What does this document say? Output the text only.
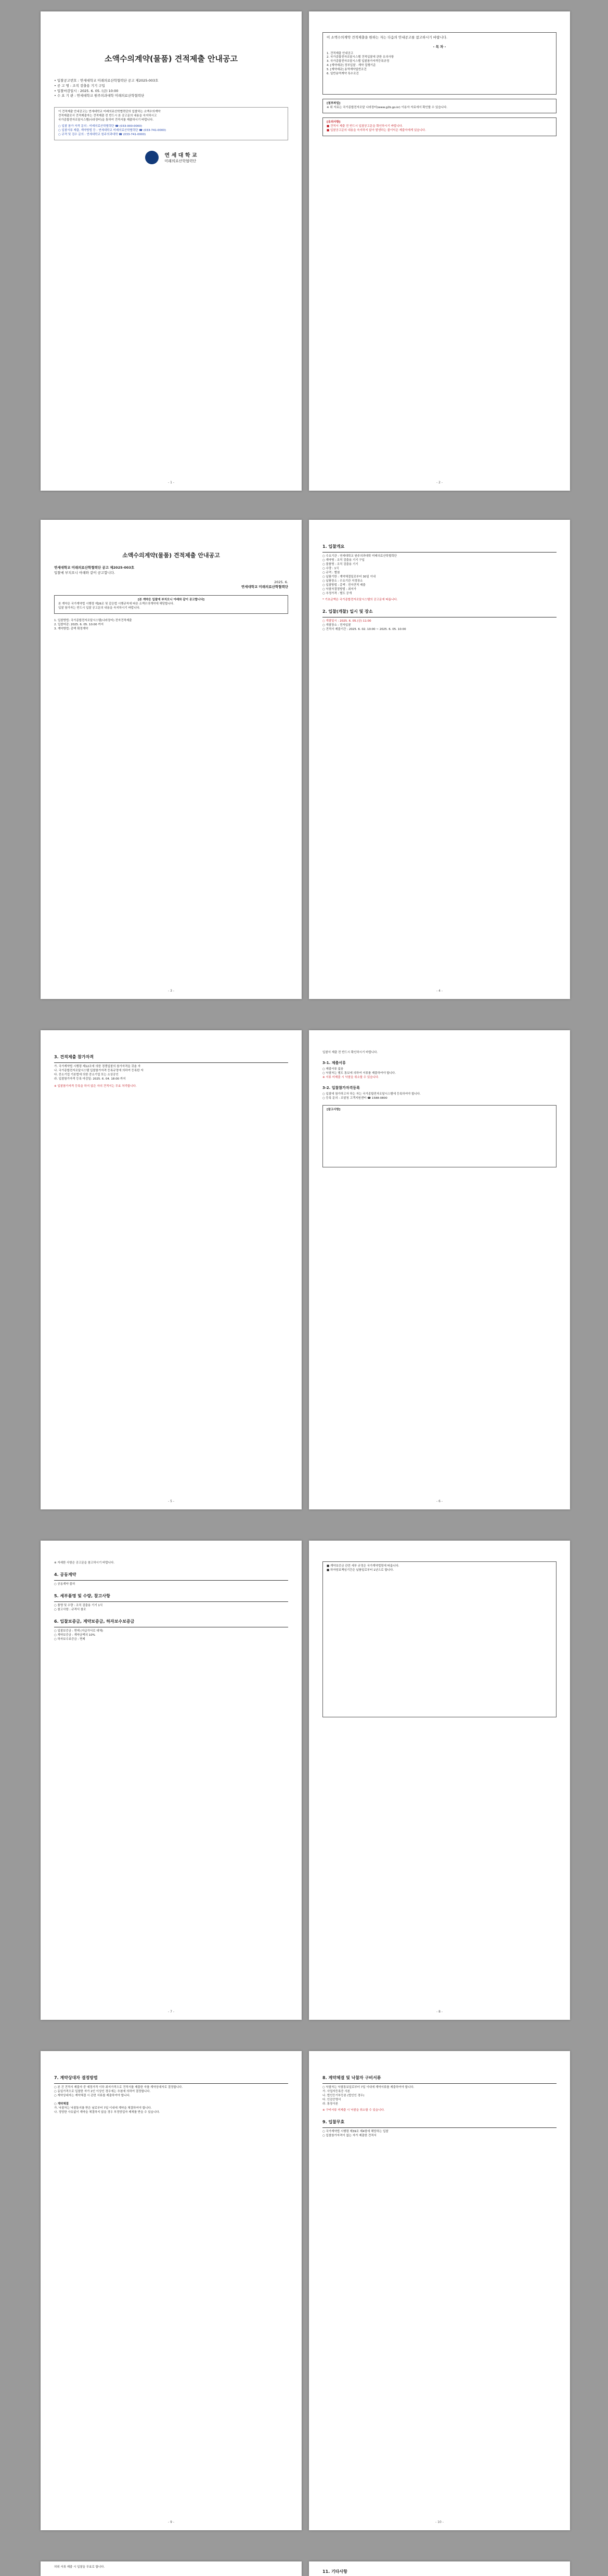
소액수의계약(물품) 견적제출 안내공고
• 입찰공고번호 : 연세대학교 미래의료산학협력단 공고 제2025-003호
• 공 고 명 : 조직 검출용 기기 구입
• 입찰마감일시 : 2025. 6. 05. (금) 10:00
• 수 요 기 관 : 연세대학교 원주의과대학 미래의료산학협력단
이 견적제출 안내공고는 연세대학교 미래의료산학협력단의 입찰하는 소액수의계약
견적제출로서 견적제출자는 견적제출 전 반드시 본 공고문의 내용을 숙지하시고
국가종합전자조달시스템(나라장터)을 통하여 견적서를 제출하시기 바랍니다.
○ 입찰 참가 자격 문의 : 미래의료산학협력단 ☎ (033-000-0000)
○ 입찰서류 제출, 계약방법 등 : 연세대학교 미래의료산학협력단 ☎ (033-741-0000)
○ 규격 및 검수 문의 : 연세대학교 원주의과대학 ☎ (033-741-0000)

연 세 대 학 교
미래의료산학협력단
- 1 -
이 소액수의계약 견적제출을 원하는 자는 다음의 안내공고를 참고하시기 바랍니다.
- 목 차 -
1. 견적제출 안내공고
2. 국가종합전자조달시스템 견적입찰에 관한 유의사항
3. 국가종합전자조달시스템 입찰참가자격등록규정
4. [계약예규] 정부입찰 · 계약 집행기준
5. [계약예규] 용역계약일반조건
6. 일반용역계약 특수조건
[첨부파일]
※ 위 자료는 국가종합전자조달 나라장터(www.g2b.go.kr) 이용자 자료에서 확인할 수 있습니다.
[유의사항]
■ 견적서 제출 전 반드시 입찰공고문을 확인하시기 바랍니다.
■ 입찰공고문의 내용을 숙지하지 않아 발생하는 불이익은 제출자에게 있습니다.
- 2 -
소액수의계약(물품) 견적제출 안내공고
연세대학교 미래의료산학협력단 공고 제2025-003호
입찰에 부치오니 아래와 같이 공고합니다.
2025. 6.
연세대학교 미래의료산학협력단
[본 계약은 입찰에 부치오니 아래와 같이 공고합니다]
본 계약은 국가계약법 시행령 제26조 및 같은법 시행규칙에 따른 소액수의계약에 해당합니다.
입찰 참가자는 반드시 입찰 공고문의 내용을 숙지하시기 바랍니다.
1. 입찰방법: 국가종합전자조달시스템(나라장터) 전자견적제출
2. 입찰마감: 2025. 6. 05. 10:00 까지
3. 계약방법: 총액 확정계약
- 3 -
1. 입찰개요
○ 수요기관 : 연세대학교 원주의과대학 미래의료산학협력단
○ 계약명 : 조직 검출용 기기 구입
○ 물품명 : 조직 검출용 기기
○ 수량 : 1식
○ 규격 : 별첨
○ 납품기한 : 계약체결일로부터 30일 이내
○ 납품장소 : 수요기관 지정장소
○ 입찰방법 : 총액 · 전자견적 제출
○ 낙찰자결정방법 : 최저가
○ 추정가격 : 별도 공개
* 기초금액은 국가종합전자조달시스템의 공고문에 따릅니다.
2. 입찰(개찰) 일시 및 장소
○ 개찰일시 : 2025. 6. 05.(금) 11:00
○ 개찰장소 : 전자입찰
○ 견적서 제출기간 : 2025. 6. 02. 10:00 ~ 2025. 6. 05. 10:00
- 4 -
3. 견적제출 참가자격
가. 국가계약법 시행령 제12조에 의한 경쟁입찰의 참가자격을 갖춘 자
나. 국가종합전자조달시스템 입찰참가자격 등록규정에 의하여 등록한 자
다. 중소기업 기본법에 의한 중소기업 또는 소상공인
라. 입찰참가자격 등록 마감일: 2025. 6. 04. 18:00 까지
※ 입찰참가자격 등록을 하지 않은 자의 견적서는 무효 처리합니다.
- 5 -
입찰서 제출 전 반드시 확인하시기 바랍니다.
3-1. 제출서류
○ 제출서류 없음
○ 낙찰자는 별도 통보에 의하여 서류를 제출하여야 합니다.
※ 서류 미제출 시 낙찰을 취소할 수 있습니다.
3-2. 입찰참가자격등록
○ 입찰에 참가하고자 하는 자는 국가종합전자조달시스템에 등록하여야 합니다.
○ 등록 문의 : 조달청 고객지원센터 ☎ 1588-0800
[참고사항]
- 6 -
※ 자세한 사항은 공고문을 참고하시기 바랍니다.
4. 공동계약
○ 공동계약 불허
5. 세부품명 및 수량, 참고사항
○ 품명 및 수량 : 조직 검출용 기기 1식
○ 참고사항 : 규격서 참조
6. 입찰보증금, 계약보증금, 하자보수보증금
○ 입찰보증금 : 면제 (지급각서로 대체)
○ 계약보증금 : 계약금액의 10%
○ 하자보수보증금 : 면제
- 7 -
■ 계약보증금 관련 세부 규정은 국가계약법령에 따릅니다.
■ 하자담보책임기간은 납품일로부터 1년으로 합니다.
- 8 -
7. 계약상대자 결정방법
○ 본 건 견적서 제출자 중 예정가격 이하 최저가격으로 견적서를 제출한 자를 계약상대자로 결정합니다.
○ 동일가격으로 입찰한 자가 2인 이상인 경우에는 추첨에 의하여 결정합니다.
○ 계약상대자는 계약체결 시 관련 서류를 제출하여야 합니다.
○ 계약체결
가. 낙찰자는 낙찰통지를 받은 날로부터 7일 이내에 계약을 체결하여야 합니다.
나. 정당한 사유없이 계약을 체결하지 않을 경우 부정당업자 제재를 받을 수 있습니다.
- 9 -
8. 계약체결 및 낙찰자 구비서류
○ 낙찰자는 낙찰통보일로부터 7일 이내에 계약서류를 제출하여야 합니다.
가. 사업자등록증 사본
나. 법인등기부등본 (법인인 경우)
다. 인감증명서
라. 통장사본
※ 구비서류 미제출 시 낙찰을 취소할 수 있습니다.
9. 입찰무효
○ 국가계약법 시행령 제39조 제4항에 해당하는 입찰
○ 입찰참가자격이 없는 자가 제출한 견적서
- 10 -
허위 서류 제출 시 입찰을 무효로 합니다.
11. 기타사항
